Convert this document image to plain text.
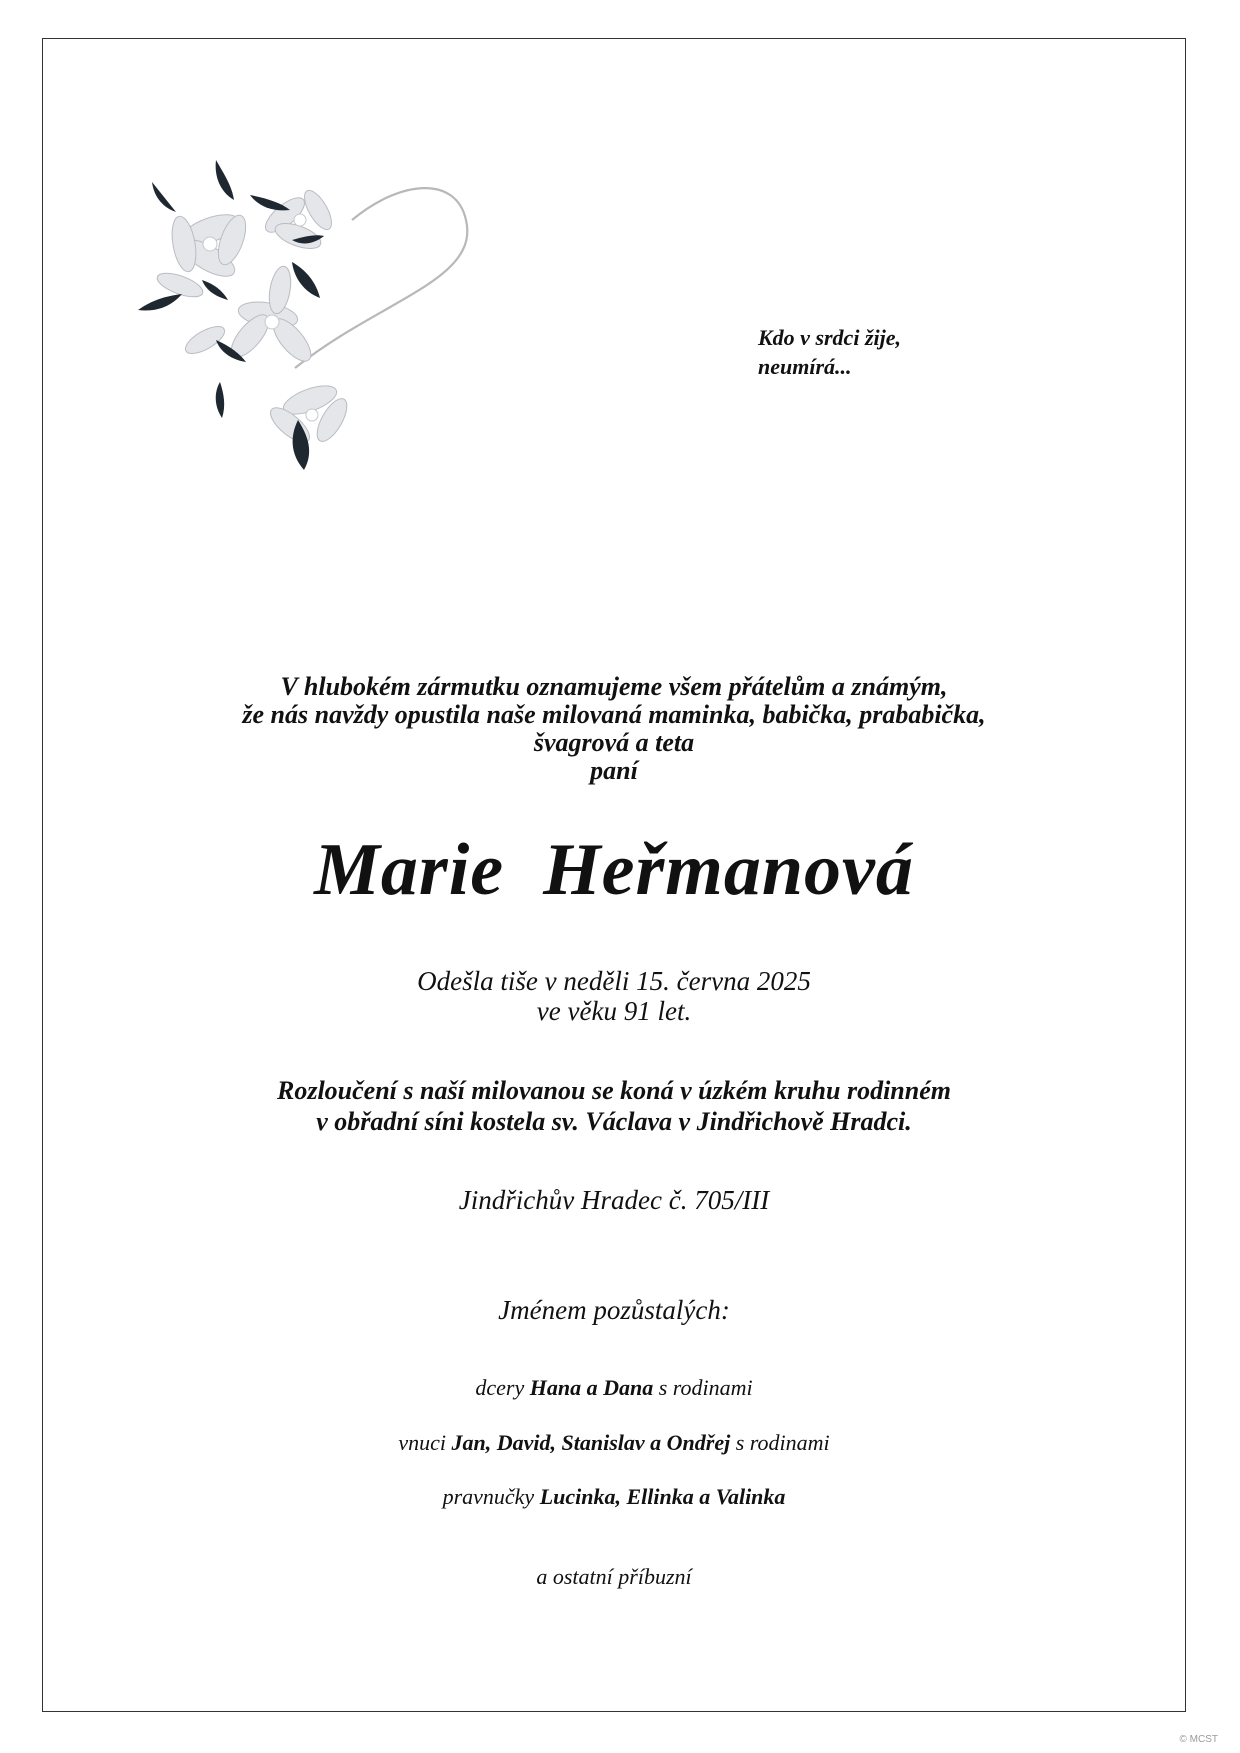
Kdo v srdci žije,
neumírá...
V hlubokém zármutku oznamujeme všem přátelům a známým,
že nás navždy opustila naše milovaná maminka, babička, prababička,
švagrová a teta
paní
Marie Heřmanová
Odešla tiše v neděli 15. června 2025
ve věku 91 let.
Rozloučení s naší milovanou se koná v úzkém kruhu rodinném
v obřadní síni kostela sv. Václava v Jindřichově Hradci.
Jindřichův Hradec č. 705/III
Jménem pozůstalých:
dcery Hana a Dana s rodinami
vnuci Jan, David, Stanislav a Ondřej s rodinami
pravnučky Lucinka, Ellinka a Valinka
a ostatní příbuzní
© MCST
